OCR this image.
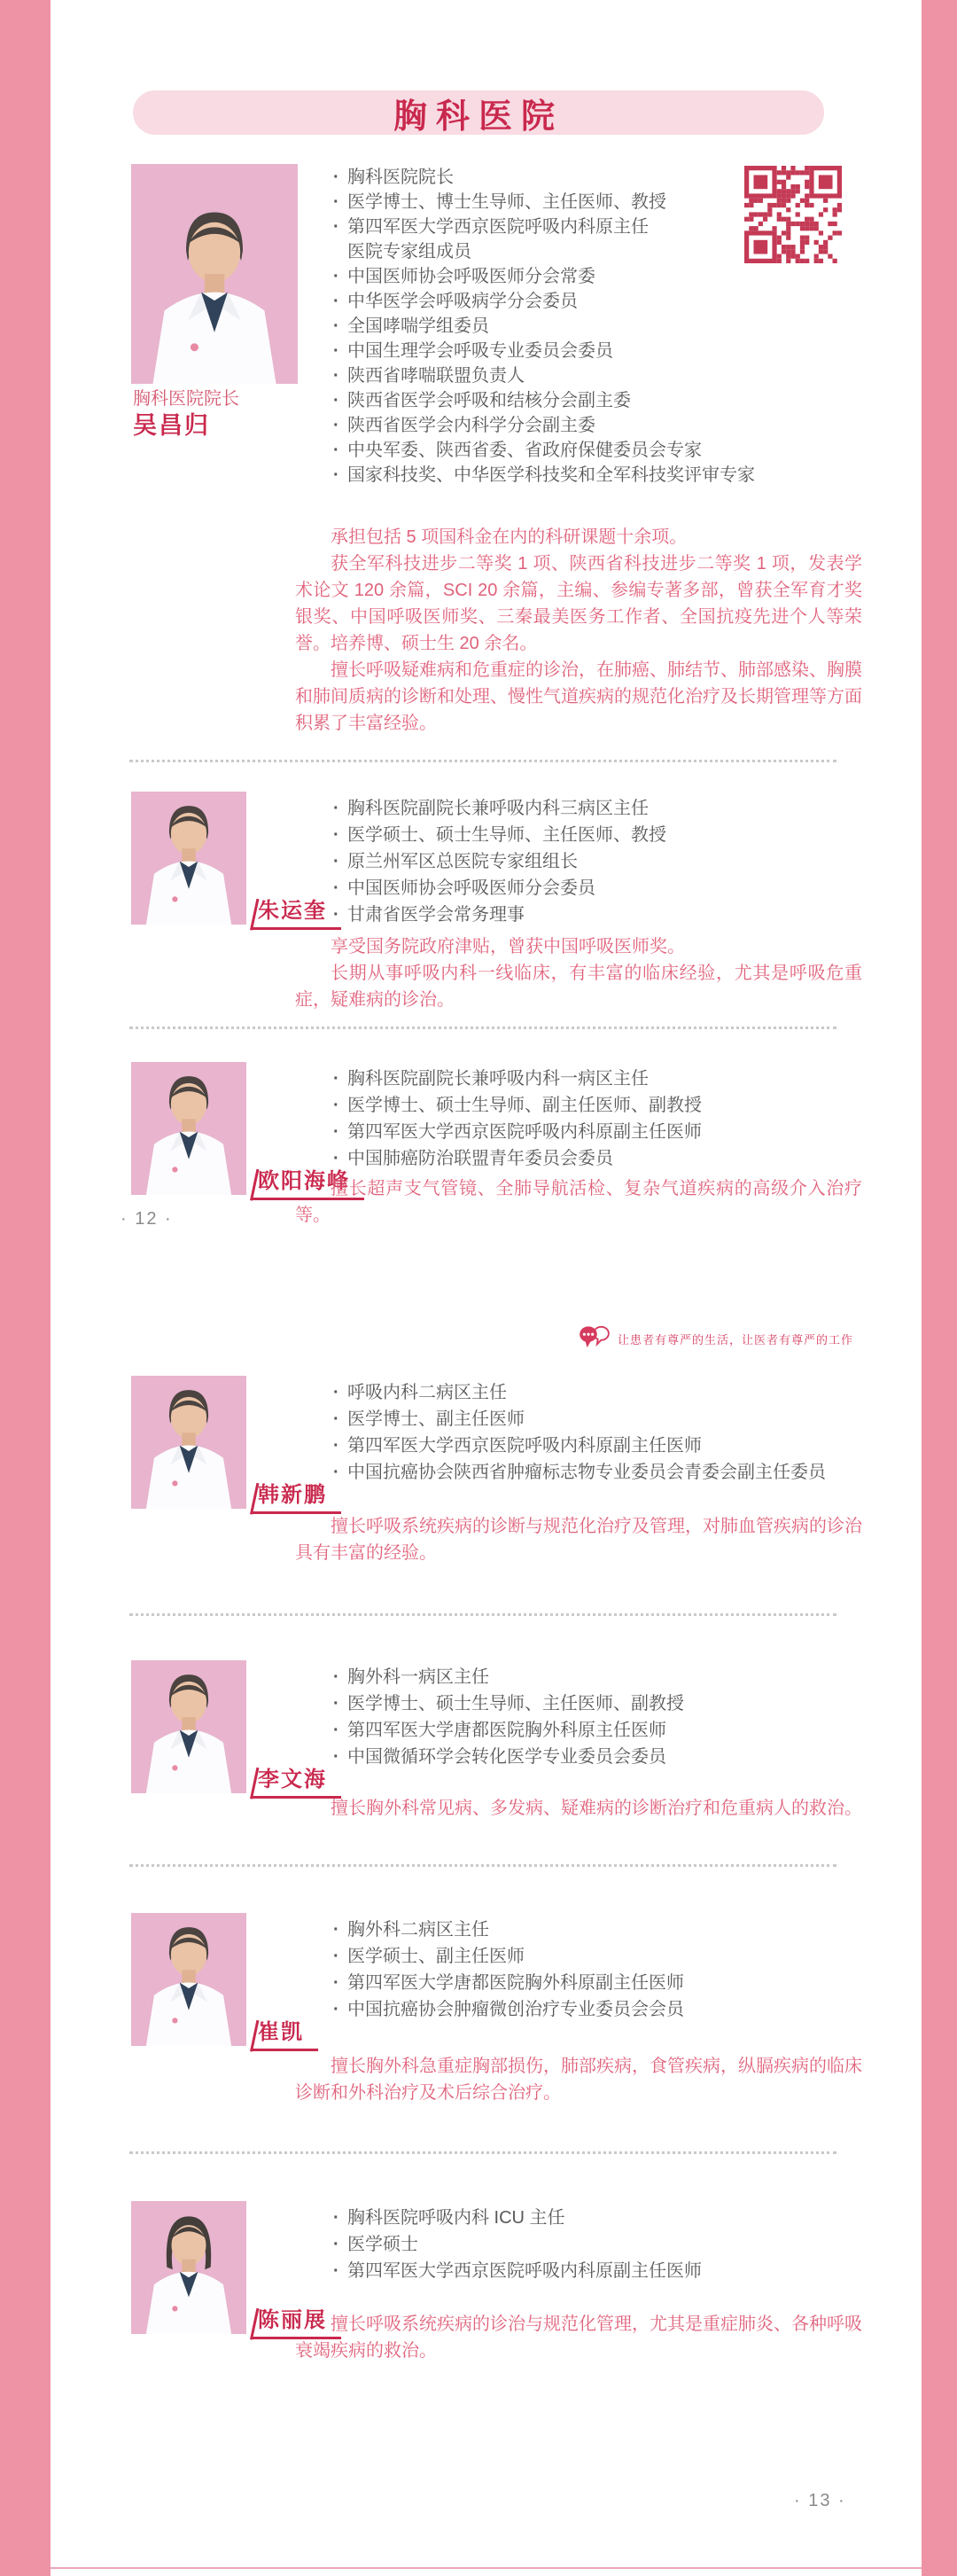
胸科医院
让患者有尊严的生活，让医者有尊严的工作
· 12 ·
· 13 ·
胸科医院院长
吴昌归
· 胸科医院院长
· 医学博士、博士生导师、主任医师、教授
· 第四军医大学西京医院呼吸内科原主任
医院专家组成员
· 中国医师协会呼吸医师分会常委
· 中华医学会呼吸病学分会委员
· 全国哮喘学组委员
· 中国生理学会呼吸专业委员会委员
· 陕西省哮喘联盟负责人
· 陕西省医学会呼吸和结核分会副主委
· 陕西省医学会内科学分会副主委
· 中央军委、陕西省委、省政府保健委员会专家
· 国家科技奖、中华医学科技奖和全军科技奖评审专家

承担包括 5 项国科金在内的科研课题十余项。

获全军科技进步二等奖 1 项、陕西省科技进步二等奖 1 项，发表学术论文 120 余篇，SCI 20 余篇，主编、参编专著多部，曾获全军育才奖银奖、中国呼吸医师奖、三秦最美医务工作者、全国抗疫先进个人等荣誉。培养博、硕士生 20 余名。

擅长呼吸疑难病和危重症的诊治，在肺癌、肺结节、肺部感染、胸膜和肺间质病的诊断和处理、慢性气道疾病的规范化治疗及长期管理等方面积累了丰富经验。

朱运奎
· 胸科医院副院长兼呼吸内科三病区主任
· 医学硕士、硕士生导师、主任医师、教授
· 原兰州军区总医院专家组组长
· 中国医师协会呼吸医师分会委员
· 甘肃省医学会常务理事

享受国务院政府津贴，曾获中国呼吸医师奖。

长期从事呼吸内科一线临床，有丰富的临床经验，尤其是呼吸危重症，疑难病的诊治。

欧阳海峰
· 胸科医院副院长兼呼吸内科一病区主任
· 医学博士、硕士生导师、副主任医师、副教授
· 第四军医大学西京医院呼吸内科原副主任医师
· 中国肺癌防治联盟青年委员会委员

擅长超声支气管镜、全肺导航活检、复杂气道疾病的高级介入治疗等。

韩新鹏
· 呼吸内科二病区主任
· 医学博士、副主任医师
· 第四军医大学西京医院呼吸内科原副主任医师
· 中国抗癌协会陕西省肿瘤标志物专业委员会青委会副主任委员

擅长呼吸系统疾病的诊断与规范化治疗及管理，对肺血管疾病的诊治具有丰富的经验。

李文海
· 胸外科一病区主任
· 医学博士、硕士生导师、主任医师、副教授
· 第四军医大学唐都医院胸外科原主任医师
· 中国微循环学会转化医学专业委员会委员

擅长胸外科常见病、多发病、疑难病的诊断治疗和危重病人的救治。

崔凯
· 胸外科二病区主任
· 医学硕士、副主任医师
· 第四军医大学唐都医院胸外科原副主任医师
· 中国抗癌协会肿瘤微创治疗专业委员会会员

擅长胸外科急重症胸部损伤，肺部疾病，食管疾病，纵膈疾病的临床诊断和外科治疗及术后综合治疗。

陈丽展
· 胸科医院呼吸内科 ICU 主任
· 医学硕士
· 第四军医大学西京医院呼吸内科原副主任医师

擅长呼吸系统疾病的诊治与规范化管理，尤其是重症肺炎、各种呼吸衰竭疾病的救治。
